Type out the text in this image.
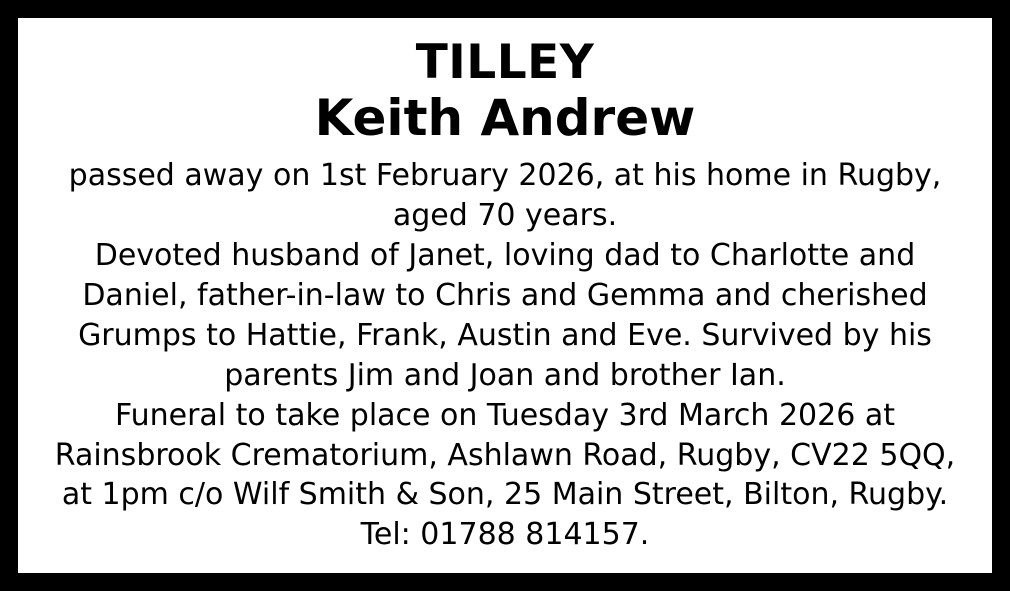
TILLEY
Keith Andrew

passed away on 1st February 2026, at his home in Rugby,

aged 70 years.

Devoted husband of Janet, loving dad to Charlotte and

Daniel, father-in-law to Chris and Gemma and cherished

Grumps to Hattie, Frank, Austin and Eve. Survived by his

parents Jim and Joan and brother Ian.

Funeral to take place on Tuesday 3rd March 2026 at

Rainsbrook Crematorium, Ashlawn Road, Rugby, CV22 5QQ,

at 1pm c/o Wilf Smith & Son, 25 Main Street, Bilton, Rugby.

Tel: 01788 814157.
